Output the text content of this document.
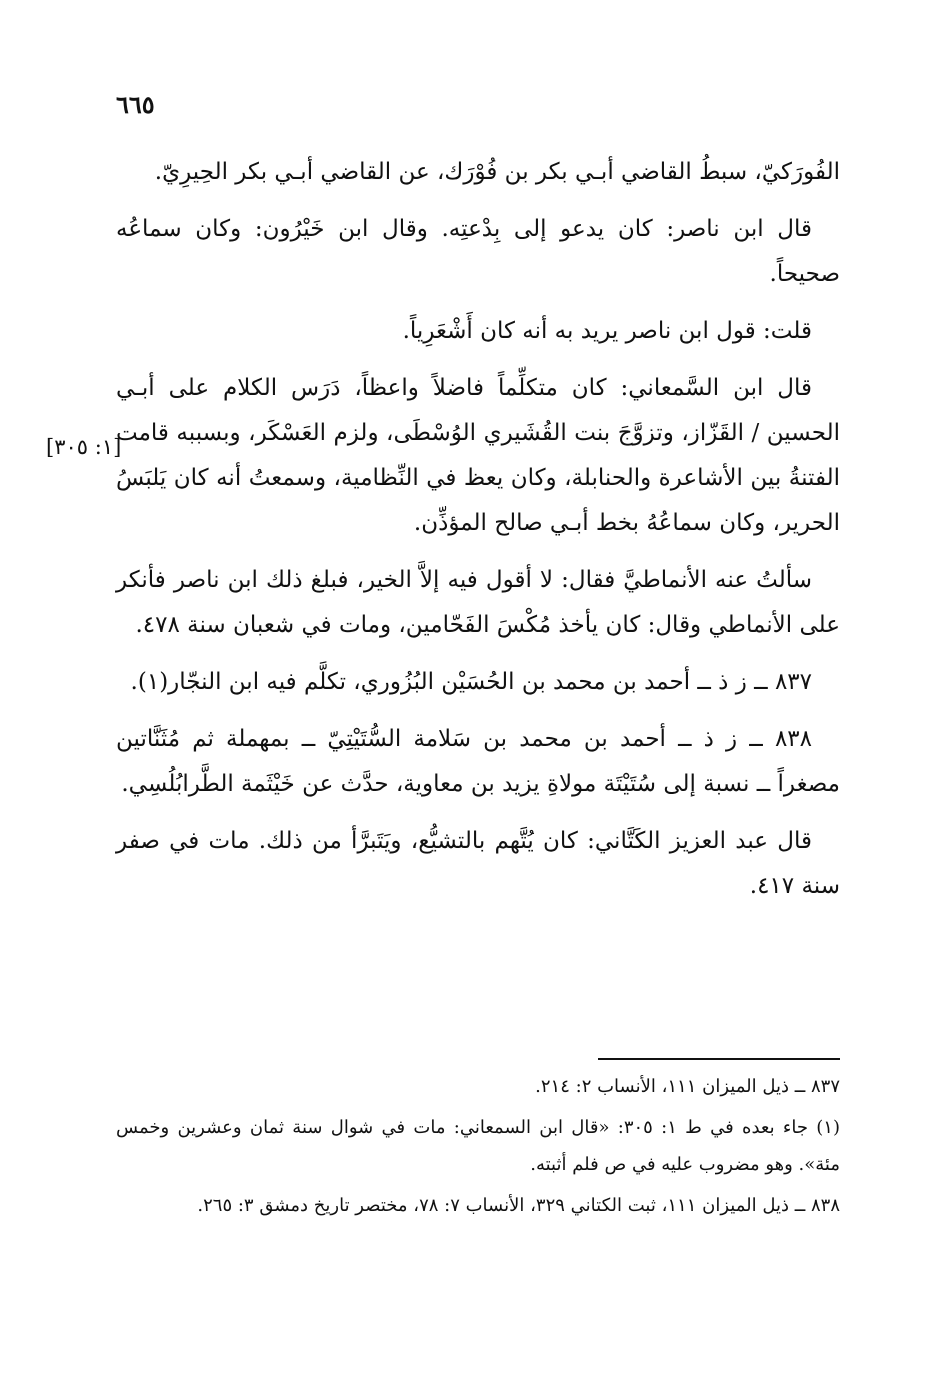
٦٦٥
[١: ٣٠٥]

الفُورَكيّ، سبطُ القاضي أبـي بكر بن فُوْرَك، عن القاضي أبـي بكر الحِيرِيّ.

قال ابن ناصر: كان يدعو إلى بِدْعتِه. وقال ابن خَيْرُون: وكان سماعُه صحيحاً.

قلت: قول ابن ناصر يريد به أنه كان أَشْعَرِياً.

قال ابن السَّمعاني: كان متكلِّماً فاضلاً واعظاً، دَرَس الكلام على أبـي الحسين / القَزّاز، وتزوَّجَ بنت القُشَيري الوُسْطَى، ولزم العَسْكَر، وبسببه قامت الفتنةُ بين الأشاعرة والحنابلة، وكان يعظ في النِّظامية، وسمعتُ أنه كان يَلبَسُ الحرير، وكان سماعُهُ بخط أبـي صالح المؤذِّن.

سألتُ عنه الأنماطيَّ فقال: لا أقول فيه إلاَّ الخير، فبلغ ذلك ابن ناصر فأنكر على الأنماطي وقال: كان يأخذ مُكْسَ الفَحّامين، ومات في شعبان سنة ٤٧٨.

٨٣٧ ــ ز ذ ــ أحمد بن محمد بن الحُسَيْن البُزُوري، تكلَّم فيه ابن النجّار(١).

٨٣٨ ــ ز ذ ــ أحمد بن محمد بن سَلامة السُّتَيْتِيّ ــ بمهملة ثم مُثَنَّاتين مصغراً ــ نسبة إلى سُتَيْتَة مولاةِ يزيد بن معاوية، حدَّث عن خَيْثَمة الطَّرابُلُسِي.

قال عبد العزيز الكَتَّاني: كان يُتَّهم بالتشيُّع، ويَتَبرَّأ من ذلك. مات في صفر سنة ٤١٧.

٨٣٧ ــ ذيل الميزان ١١١، الأنساب ٢: ٢١٤.

(١) جاء بعده في ط ١: ٣٠٥: «قال ابن السمعاني: مات في شوال سنة ثمان وعشرين وخمس مئة». وهو مضروب عليه في ص فلم أثبته.

٨٣٨ ــ ذيل الميزان ١١١، ثبت الكتاني ٣٢٩، الأنساب ٧: ٧٨، مختصر تاريخ دمشق ٣: ٢٦٥.
